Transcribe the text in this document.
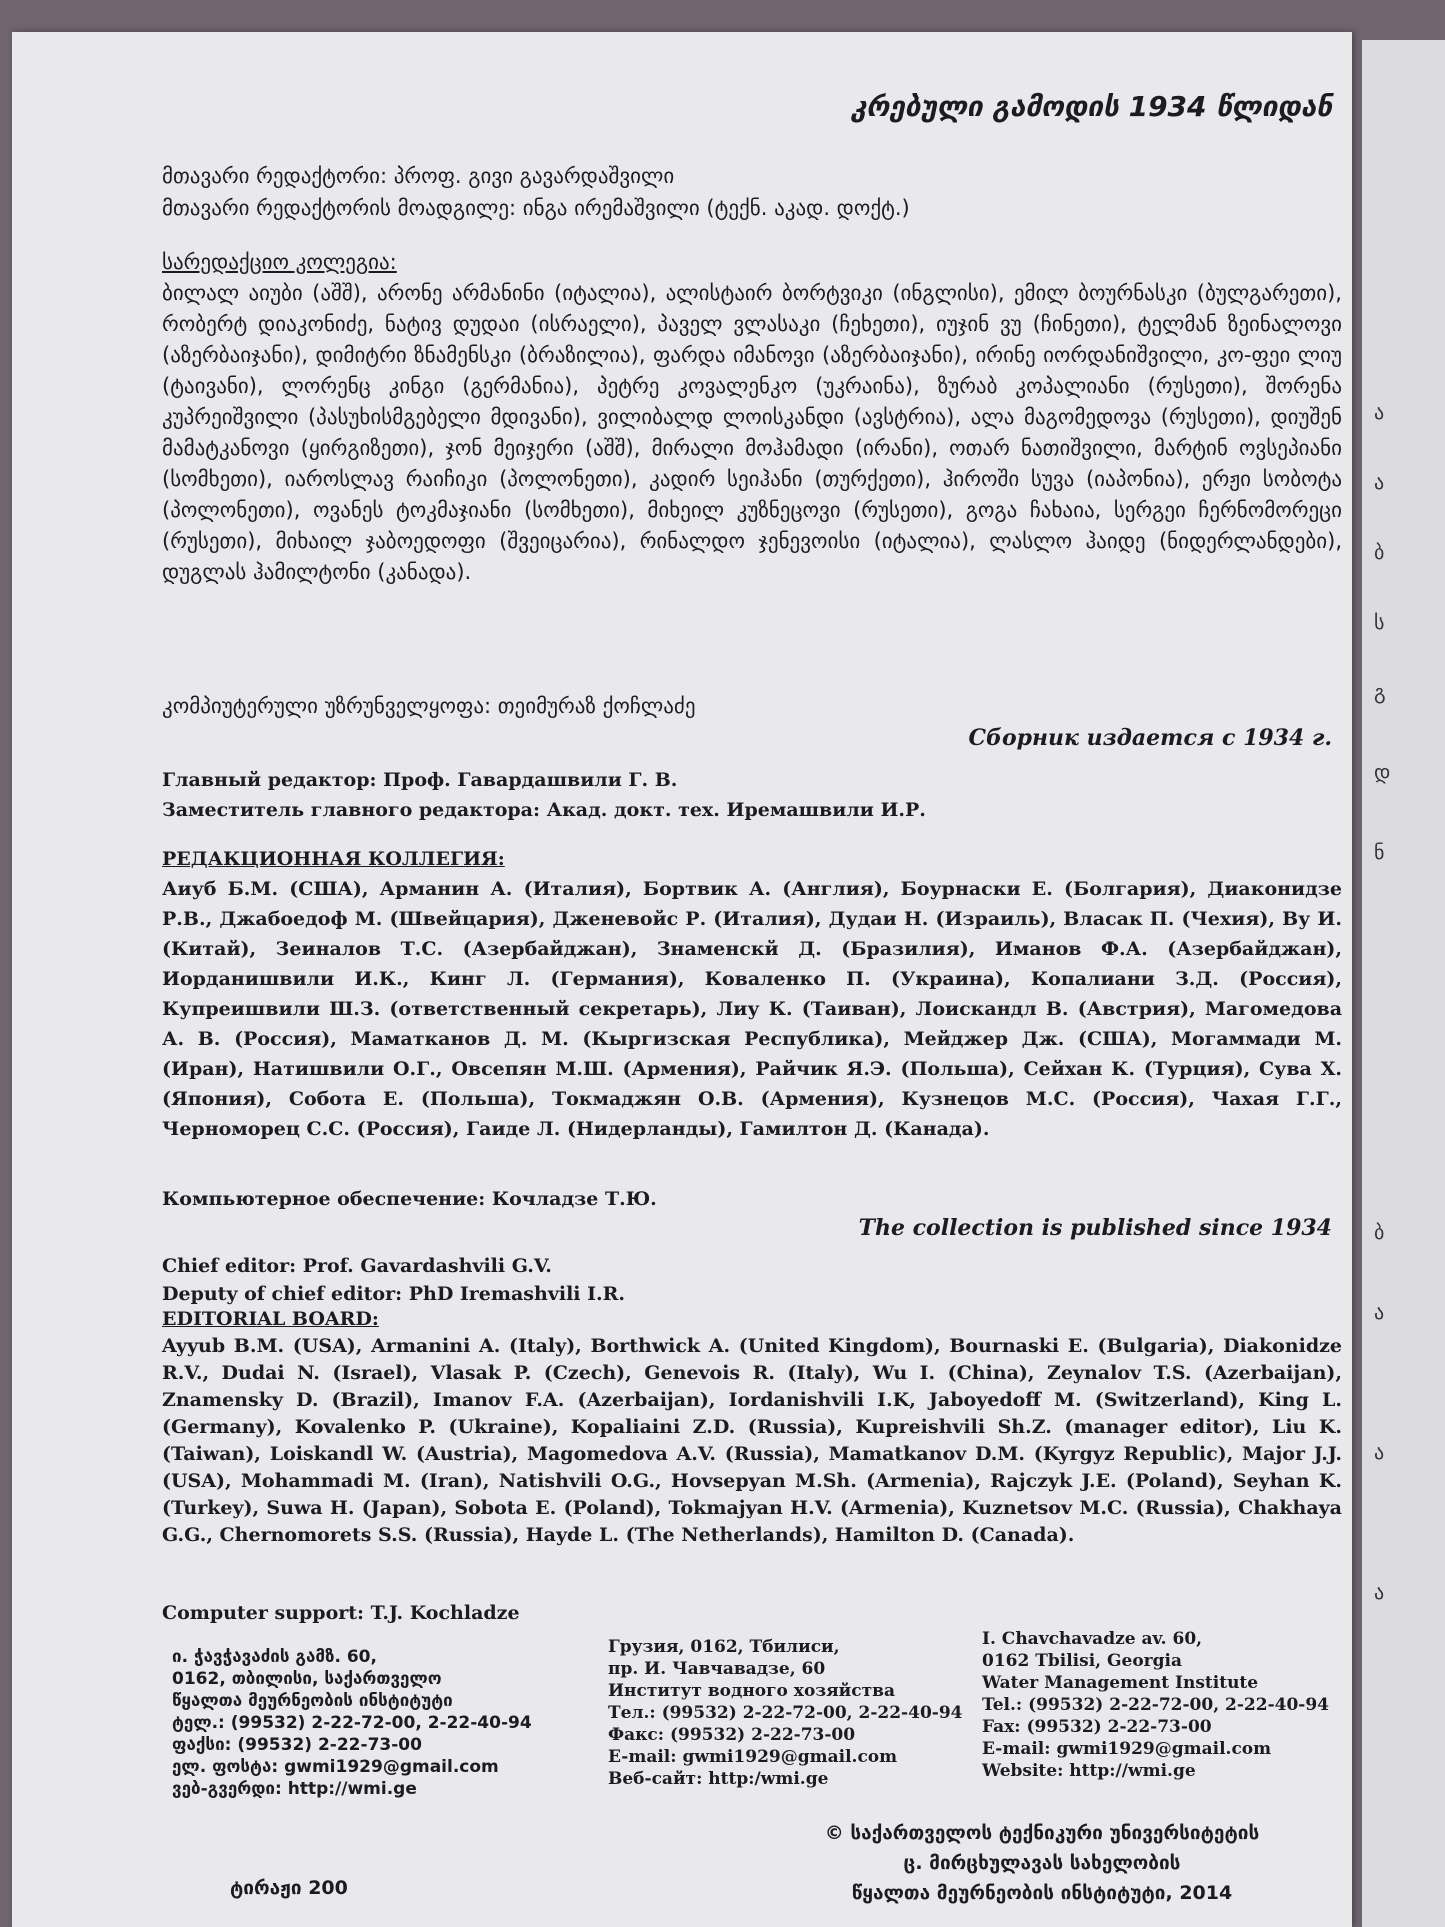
კრებული გამოდის 1934 წლიდან

მთავარი რედაქტორი: პროფ. გივი გავარდაშვილი

მთავარი რედაქტორის მოადგილე: ინგა ირემაშვილი (ტექნ. აკად. დოქტ.)

სარედაქციო კოლეგია:

ბილალ აიუბი (აშშ), არონე არმანინი (იტალია), ალისტაირ ბორტვიკი (ინგლისი), ემილ ბოურნასკი (ბულგარეთი), რობერტ დიაკონიძე, ნატივ დუდაი (ისრაელი), პაველ ვლასაკი (ჩეხეთი), იუჯინ ვუ (ჩინეთი), ტელმან ზეინალოვი (აზერბაიჯანი), დიმიტრი ზნამენსკი (ბრაზილია), ფარდა იმანოვი (აზერბაიჯანი), ირინე იორდანიშვილი, კო-ფეი ლიუ (ტაივანი), ლორენც კინგი (გერმანია), პეტრე კოვალენკო (უკრაინა), ზურაბ კოპალიანი (რუსეთი), შორენა კუპრეიშვილი (პასუხისმგებელი მდივანი), ვილიბალდ ლოისკანდი (ავსტრია), ალა მაგომედოვა (რუსეთი), დიუშენ მამატკანოვი (ყირგიზეთი), ჯონ მეიჯერი (აშშ), მირალი მოჰამადი (ირანი), ოთარ ნათიშვილი, მარტინ ოვსეპიანი (სომხეთი), იაროსლავ რაიჩიკი (პოლონეთი), კადირ სეიჰანი (თურქეთი), ჰიროში სუვა (იაპონია), ერჟი სობოტა (პოლონეთი), ოვანეს ტოკმაჯიანი (სომხეთი), მიხეილ კუზნეცოვი (რუსეთი), გოგა ჩახაია, სერგეი ჩერნომორეცი (რუსეთი), მიხაილ ჯაბოედოფი (შვეიცარია), რინალდო ჯენევოისი (იტალია), ლასლო ჰაიდე (ნიდერლანდები), დუგლას ჰამილტონი (კანადა).

კომპიუტერული უზრუნველყოფა: თეიმურაზ ქოჩლაძე

Сборник издается с 1934 г.

Главный редактор: Проф. Гавардашвили Г. В.

Заместитель главного редактора: Акад. докт. тех. Иремашвили И.Р.

РЕДАКЦИОННАЯ КОЛЛЕГИЯ:

Аиуб Б.М. (США), Арманин А. (Италия), Бортвик А. (Англия), Боурнаски Е. (Болгария), Диаконидзе Р.В., Джабоедоф М. (Швейцария), Дженевойс Р. (Италия), Дудаи Н. (Израиль), Власак П. (Чехия), Ву И. (Китай), Зеиналов Т.С. (Азербайджан), Знаменскй Д. (Бразилия), Иманов Ф.А. (Азербайджан), Иорданишвили И.К., Кинг Л. (Германия), Коваленко П. (Украина), Копалиани З.Д. (Россия), Купреишвили Ш.З. (ответственный секретарь), Лиу К. (Таиван), Лоискандл В. (Австрия), Магомедова А. В. (Россия), Маматканов Д. М. (Кыргизская Республика), Мейджер Дж. (США), Могаммади М. (Иран), Натишвили О.Г., Овсепян М.Ш. (Армения), Райчик Я.Э. (Польша), Сейхан К. (Турция), Сува Х. (Япония), Собота Е. (Польша), Токмаджян О.В. (Армения), Кузнецов М.С. (Россия), Чахая Г.Г., Черноморец С.С. (Россия), Гаиде Л. (Нидерланды), Гамилтон Д. (Канада).

Компьютерное обеспечение: Кочладзе Т.Ю.

The collection is published since 1934

Chief editor: Prof. Gavardashvili G.V.

Deputy of chief editor: PhD Iremashvili I.R.

EDITORIAL BOARD:

Ayyub B.M. (USA), Armanini A. (Italy), Borthwick A. (United Kingdom), Bournaski E. (Bulgaria), Diakonidze R.V., Dudai N. (Israel), Vlasak P. (Czech), Genevois R. (Italy), Wu I. (China), Zeynalov T.S. (Azerbaijan), Znamensky D. (Brazil), Imanov F.A. (Azerbaijan), Iordanishvili I.K, Jaboyedoff M. (Switzerland), King L. (Germany), Kovalenko P. (Ukraine), Kopaliaini Z.D. (Russia), Kupreishvili Sh.Z. (manager editor), Liu K. (Taiwan), Loiskandl W. (Austria), Magomedova A.V. (Russia), Mamatkanov D.M. (Kyrgyz Republic), Major J.J. (USA), Mohammadi M. (Iran), Natishvili O.G., Hovsepyan M.Sh. (Armenia), Rajczyk J.E. (Poland), Seyhan K. (Turkey), Suwa H. (Japan), Sobota E. (Poland), Tokmajyan H.V. (Armenia), Kuznetsov M.C. (Russia), Chakhaya G.G., Chernomorets S.S. (Russia), Hayde L. (The Netherlands), Hamilton D. (Canada).

Computer support: T.J. Kochladze

ი. ჭავჭავაძის გამზ. 60,

0162, თბილისი, საქართველო

წყალთა მეურნეობის ინსტიტუტი

ტელ.: (99532) 2-22-72-00, 2-22-40-94

ფაქსი: (99532) 2-22-73-00

ელ. ფოსტა: gwmi1929@gmail.com

ვებ-გვერდი: http://wmi.ge

Грузия, 0162, Тбилиси,

пр. И. Чавчавадзе, 60

Институт водного хозяйства

Тел.: (99532) 2-22-72-00, 2-22-40-94

Факс: (99532) 2-22-73-00

E-mail: gwmi1929@gmail.com

Веб-сайт: http:/wmi.ge

I. Chavchavadze av. 60,

0162 Tbilisi, Georgia

Water Management Institute

Tel.: (99532) 2-22-72-00, 2-22-40-94

Fax: (99532) 2-22-73-00

E-mail: gwmi1929@gmail.com

Website: http://wmi.ge

© საქართველოს ტექნიკური უნივერსიტეტის

ც. მირცხულავას სახელობის

წყალთა მეურნეობის ინსტიტუტი, 2014

ტირაჟი 200

ა
ა
ბ
ს
გ
დ
ნ
ბ
ა
ა
ა
